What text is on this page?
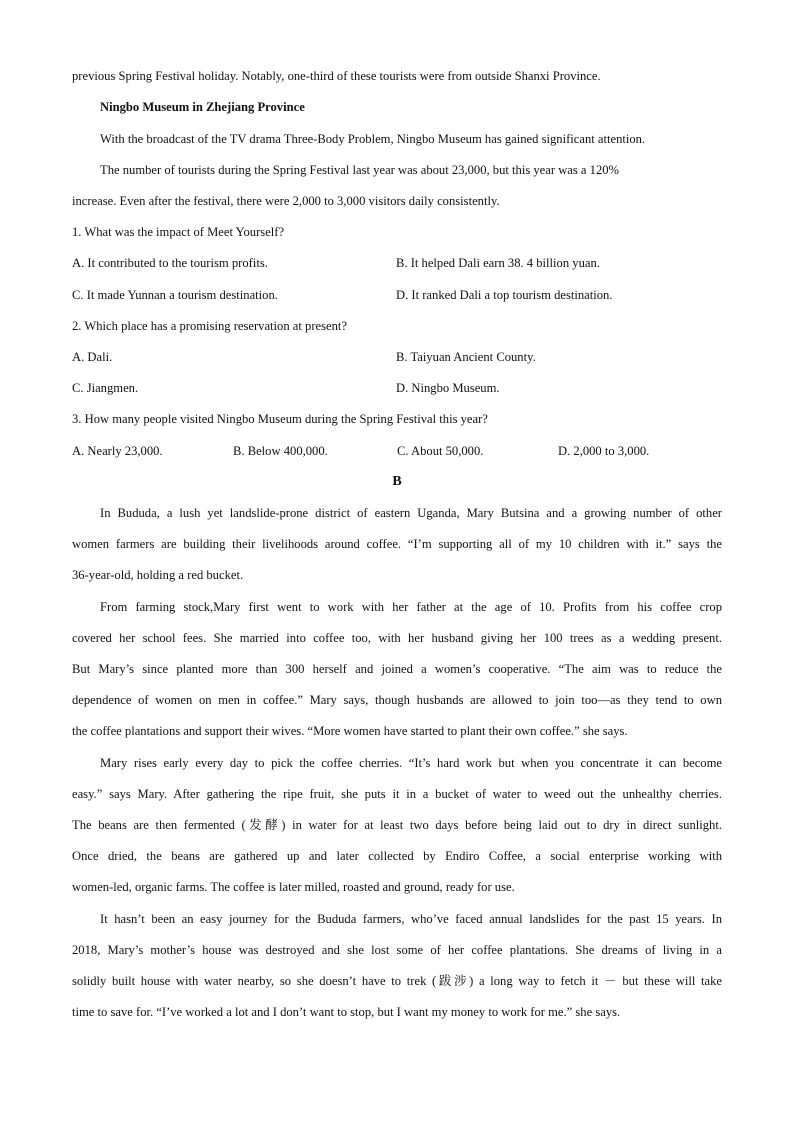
previous Spring Festival holiday. Notably, one-third of these tourists were from outside Shanxi Province.
Ningbo Museum in Zhejiang Province
With the broadcast of the TV drama Three-Body Problem, Ningbo Museum has gained significant attention.
The number of tourists during the Spring Festival last year was about 23,000, but this year was a 120%
increase. Even after the festival, there were 2,000 to 3,000 visitors daily consistently.
1. What was the impact of Meet Yourself?
A. It contributed to the tourism profits.	B. It helped Dali earn 38. 4 billion yuan.
C. It made Yunnan a tourism destination.	D. It ranked Dali a top tourism destination.
2. Which place has a promising reservation at present?
A. Dali.	B. Taiyuan Ancient County.
C. Jiangmen.	D. Ningbo Museum.
3. How many people visited Ningbo Museum during the Spring Festival this year?
A. Nearly 23,000.	B. Below 400,000.	C. About 50,000.	D. 2,000 to 3,000.
B
In Bududa, a lush yet landslide-prone district of eastern Uganda, Mary Butsina and a growing number of other
women farmers are building their livelihoods around coffee. “I’m supporting all of my 10 children with it.” says the
36-year-old, holding a red bucket.
From farming stock,Mary first went to work with her father at the age of 10. Profits from his coffee crop
covered her school fees. She married into coffee too, with her husband giving her 100 trees as a wedding present.
But Mary’s since planted more than 300 herself and joined a women’s cooperative. “The aim was to reduce the
dependence of women on men in coffee.” Mary says, though husbands are allowed to join too—as they tend to own
the coffee plantations and support their wives. “More women have started to plant their own coffee.” she says.
Mary rises early every day to pick the coffee cherries. “It’s hard work but when you concentrate it can become
easy.” says Mary. After gathering the ripe fruit, she puts it in a bucket of water to weed out the unhealthy cherries.
The beans are then fermented (发酵) in water for at least two days before being laid out to dry in direct sunlight.
Once dried, the beans are gathered up and later collected by Endiro Coffee, a social enterprise working with
women-led, organic farms. The coffee is later milled, roasted and ground, ready for use.
It hasn’t been an easy journey for the Bududa farmers, who’ve faced annual landslides for the past 15 years. In
2018, Mary’s mother’s house was destroyed and she lost some of her coffee plantations. She dreams of living in a
solidly built house with water nearby, so she doesn’t have to trek (跋涉) a long way to fetch it － but these will take
time to save for. “I’ve worked a lot and I don’t want to stop, but I want my money to work for me.” she says.
